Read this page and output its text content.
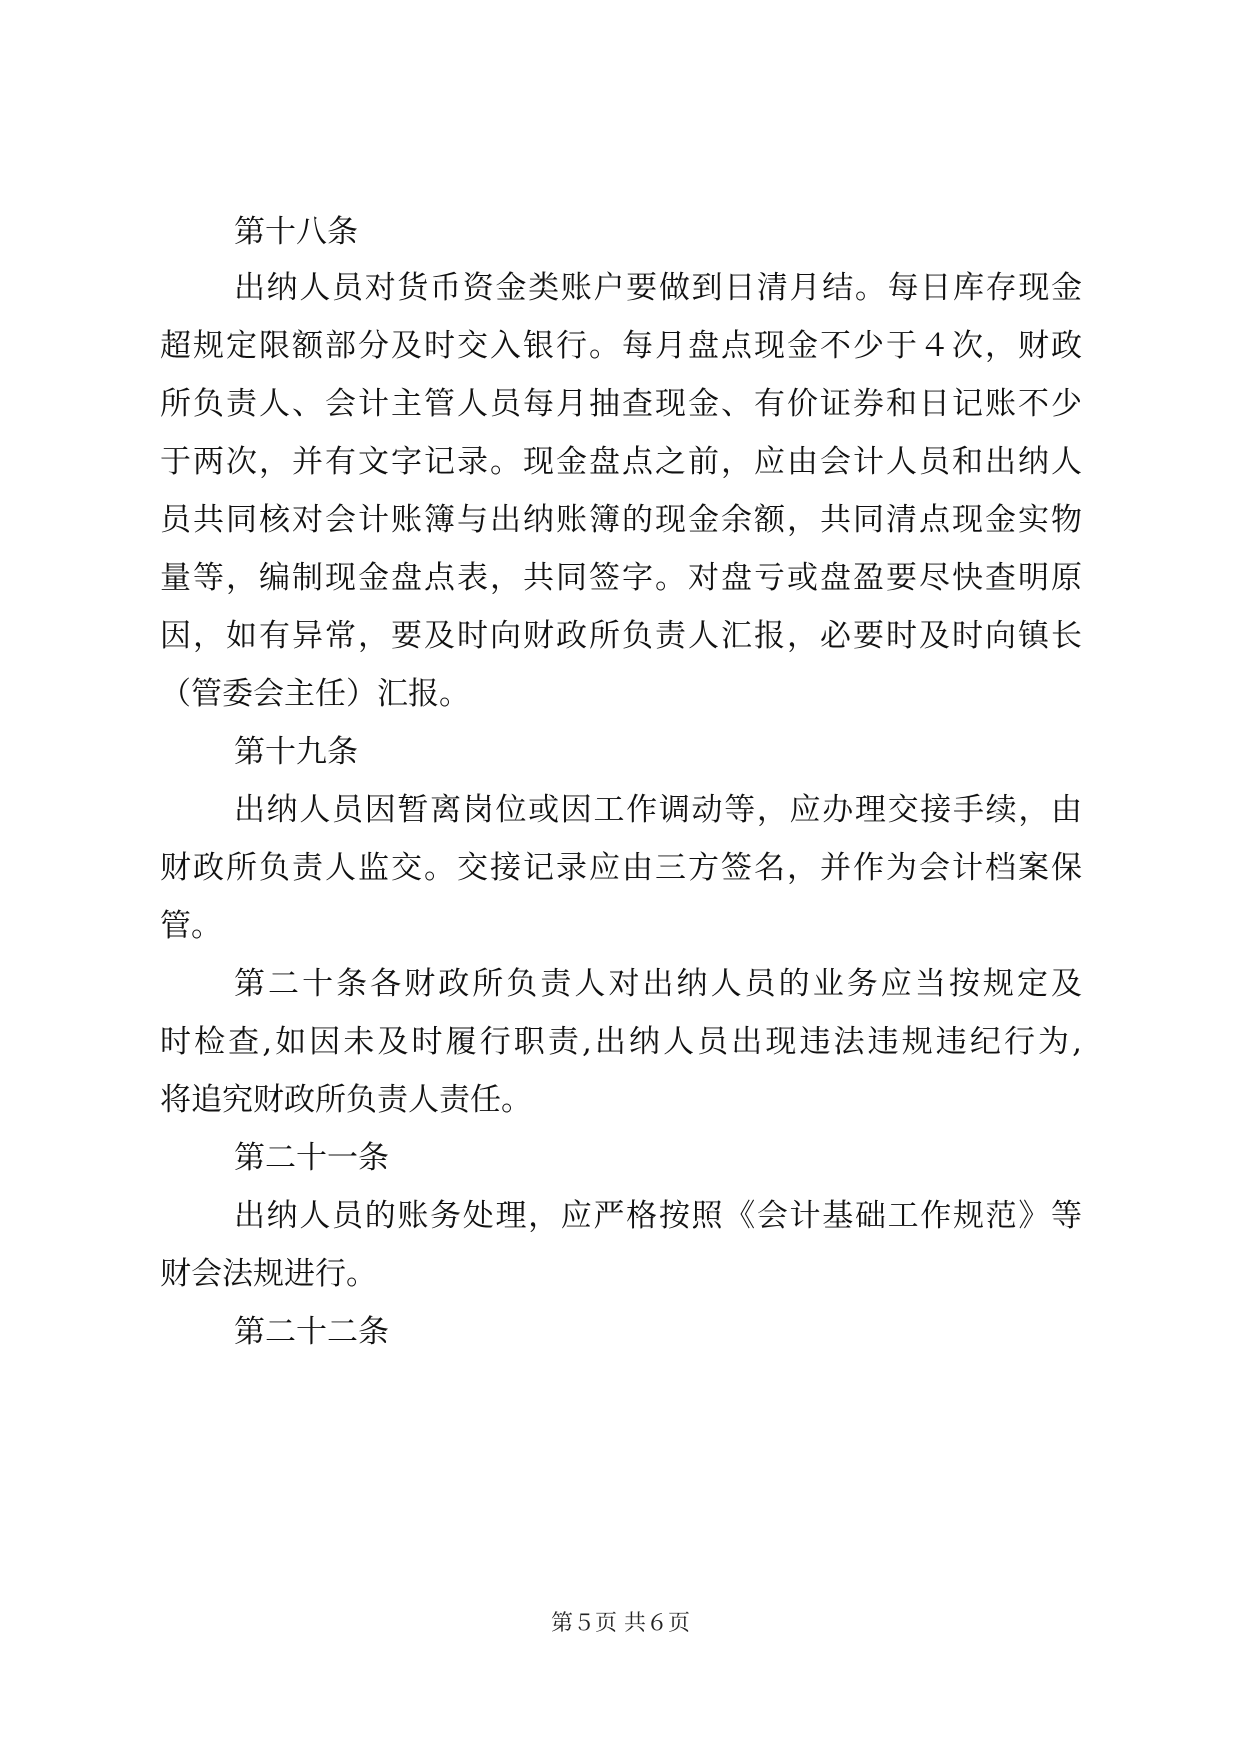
第十八条
出纳人员对货币资金类账户要做到日清月结。每日库存现金
超规定限额部分及时交入银行。每月盘点现金不少于４次，财政
所负责人、会计主管人员每月抽查现金、有价证券和日记账不少
于两次，并有文字记录。现金盘点之前，应由会计人员和出纳人
员共同核对会计账簿与出纳账簿的现金余额，共同清点现金实物
量等，编制现金盘点表，共同签字。对盘亏或盘盈要尽快查明原
因，如有异常，要及时向财政所负责人汇报，必要时及时向镇长
（管委会主任）汇报。
第十九条
出纳人员因暂离岗位或因工作调动等，应办理交接手续，由
财政所负责人监交。交接记录应由三方签名，并作为会计档案保
管。
第二十条各财政所负责人对出纳人员的业务应当按规定及
时检查,如因未及时履行职责,出纳人员出现违法违规违纪行为,
将追究财政所负责人责任。
第二十一条
出纳人员的账务处理，应严格按照《会计基础工作规范》等
财会法规进行。
第二十二条
第５页 共６页
